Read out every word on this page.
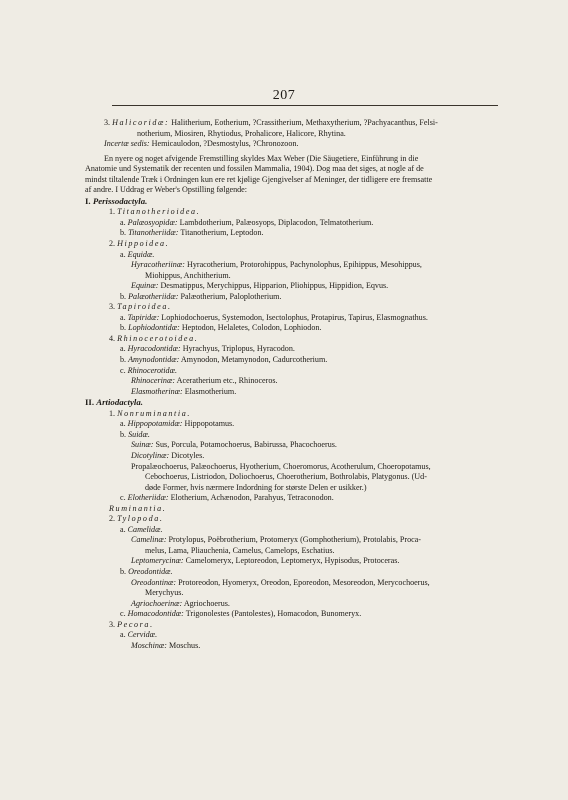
207
3. Halicoridæ: Halitherium, Eotherium, ?Crassitherium, Methaxytherium, ?Pachyacanthus, Felsi-
notherium, Miosiren, Rhytiodus, Prohalicore, Halicore, Rhytina.
Incertæ sedis: Hemicaulodon, ?Desmostylus, ?Chronozoon.
En nyere og noget afvigende Fremstilling skyldes Max Weber (Die Säugetiere, Einführung in die
Anatomie und Systematik der recenten und fossilen Mammalia, 1904). Dog maa det siges, at nogle af de
mindst tiltalende Træk i Ordningen kun ere ret kjølige Gjengivelser af Meninger, der tidligere ere fremsatte
af andre. I Uddrag er Weber's Opstilling følgende:
I. Perissodactyla.
1. Titanotherioidea.
a. Palæosyopidæ: Lambdotherium, Palæosyops, Diplacodon, Telmatotherium.
b. Titanotheriidæ: Titanotherium, Leptodon.
2. Hippoidea.
a. Equidæ.
Hyracotheriinæ: Hyracotherium, Protorohippus, Pachynolophus, Epihippus, Mesohippus,
Miohippus, Anchitherium.
Equinæ: Desmatippus, Merychippus, Hipparion, Pliohippus, Hippidion, Eqvus.
b. Palæotheriidæ: Palæotherium, Paloplotherium.
3. Tapiroidea.
a. Tapiridæ: Lophiodochoerus, Systemodon, Isectolophus, Protapirus, Tapirus, Elasmognathus.
b. Lophiodontidæ: Heptodon, Helaletes, Colodon, Lophiodon.
4. Rhinocerotoidea.
a. Hyracodontidæ: Hyrachyus, Triplopus, Hyracodon.
b. Amynodontidæ: Amynodon, Metamynodon, Cadurcotherium.
c. Rhinocerotidæ.
Rhinocerinæ: Aceratherium etc., Rhinoceros.
Elasmotherinæ: Elasmotherium.
II. Artiodactyla.
1. Nonruminantia.
a. Hippopotamidæ: Hippopotamus.
b. Suidæ.
Suinæ: Sus, Porcula, Potamochoerus, Babirussa, Phacochoerus.
Dicotylinæ: Dicotyles.
Propalæochoerus, Palæochoerus, Hyotherium, Choeromorus, Acotherulum, Choeropotamus,
Cebochoerus, Listriodon, Doliochoerus, Choerotherium, Bothrolabis, Platygonus. (Ud-
døde Former, hvis nærmere Indordning for største Delen er usikker.)
c. Elotheriidæ: Elotherium, Achænodon, Parahyus, Tetraconodon.
Ruminantia.
2. Tylopoda.
a. Camelidæ.
Camelinæ: Protylopus, Poëbrotherium, Protomeryx (Gomphotherium), Protolabis, Proca-
melus, Lama, Pliauchenia, Camelus, Camelops, Eschatius.
Leptomerycinæ: Camelomeryx, Leptoreodon, Leptomeryx, Hypisodus, Protoceras.
b. Oreodontidæ.
Oreodontinæ: Protoreodon, Hyomeryx, Oreodon, Eporeodon, Mesoreodon, Merycochoerus,
Merychyus.
Agriochoerinæ: Agriochoerus.
c. Homacodontidæ: Trigonolestes (Pantolestes), Homacodon, Bunomeryx.
3. Pecora.
a. Cervidæ.
Moschinæ: Moschus.
